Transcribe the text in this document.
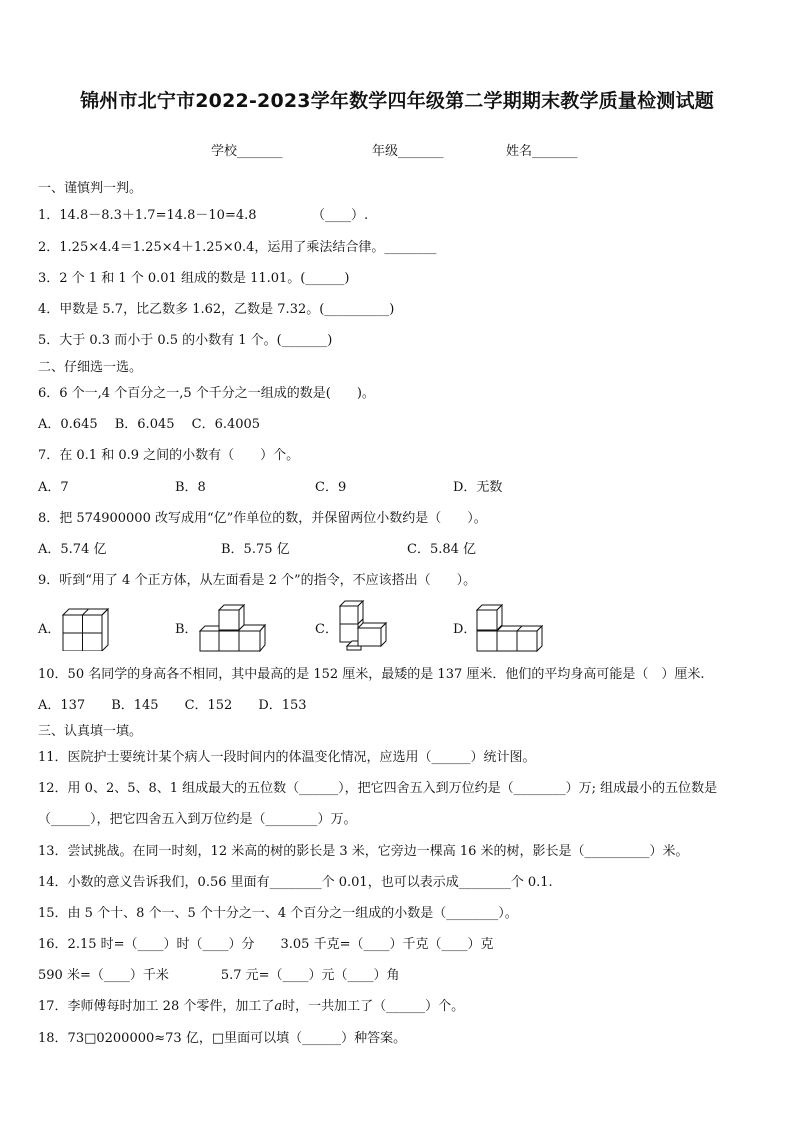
锦州市北宁市2022-2023学年数学四年级第二学期期末教学质量检测试题
学校_______	年级_______	姓名_______
一、谨慎判一判。
1．14.8－8.3＋1.7=14.8－10=4.8	（____）.
2．1.25×4.4＝1.25×4＋1.25×0.4，运用了乘法结合律。________
3．2 个 1 和 1 个 0.01 组成的数是 11.01。(______)
4．甲数是 5.7，比乙数多 1.62，乙数是 7.32。(__________)
5．大于 0.3 而小于 0.5 的小数有 1 个。(_______)
二、仔细选一选。
6．6 个一,4 个百分之一,5 个千分之一组成的数是(　　)。
A．0.645　 B．6.045　 C．6.4005
7．在 0.1 和 0.9 之间的小数有（　　）个。
A．7	B．8	C．9	D．无数
8．把 574900000 改写成用“亿”作单位的数，并保留两位小数约是（　　）。
A．5.74 亿	B．5.75 亿	C．5.84 亿
9．听到“用了 4 个正方体，从左面看是 2 个”的指令，不应该搭出（　　）。
A．	B．	C．	D．
10．50 名同学的身高各不相同，其中最高的是 152 厘米，最矮的是 137 厘米．他们的平均身高可能是（　）厘米.
A．137　　B．145　　C．152　　D．153
三、认真填一填。
11．医院护士要统计某个病人一段时间内的体温变化情况，应选用（______）统计图。
12．用 0、2、5、8、1 组成最大的五位数（______），把它四舍五入到万位约是（________）万; 组成最小的五位数是
（______），把它四舍五入到万位约是（________）万。
13．尝试挑战。在同一时刻，12 米高的树的影长是 3 米，它旁边一棵高 16 米的树，影长是（__________）米。
14．小数的意义告诉我们，0.56 里面有________个 0.01，也可以表示成________个 0.1.
15．由 5 个十、8 个一、5 个十分之一、4 个百分之一组成的小数是（________）。
16．2.15 时=（____）时（____）分　　3.05 千克=（____）千克（____）克
590 米=（____）千米　　　　5.7 元=（____）元（____）角
17．李师傅每时加工 28 个零件，加工了a时，一共加工了（______）个。
18．73□0200000≈73 亿，□里面可以填（______）种答案。
